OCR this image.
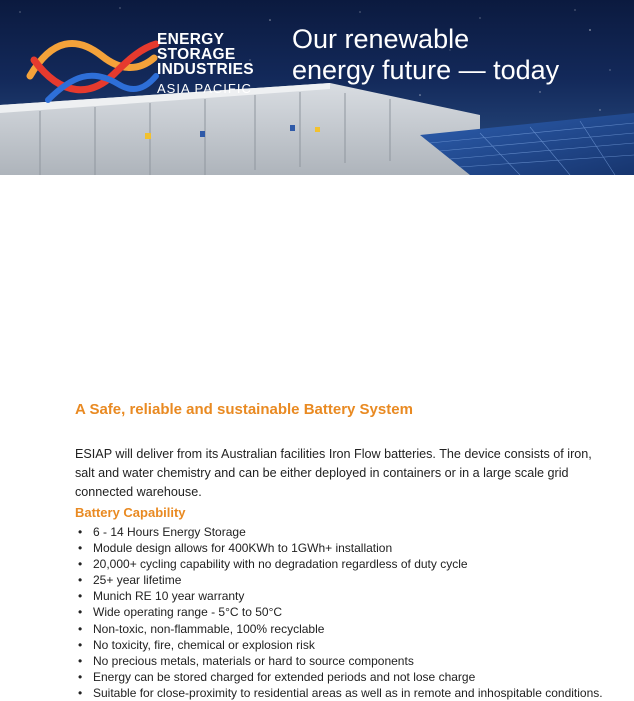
ENERGY
STORAGE
INDUSTRIES
ASIA PACIFIC
Our renewable
energy future — today
A Safe, reliable and sustainable Battery System

ESIAP will deliver from its Australian facilities Iron Flow batteries. The device consists of iron, salt and water chemistry and can be either deployed in containers or in a large scale grid connected warehouse.

Battery Capability
• 6 - 14 Hours Energy Storage
• Module design allows for 400KWh to 1GWh+ installation
• 20,000+ cycling capability with no degradation regardless of duty cycle
• 25+ year lifetime
• Munich RE 10 year warranty
• Wide operating range - 5°C to 50°C
• Non-toxic, non-flammable, 100% recyclable
• No toxicity, fire, chemical or explosion risk
• No precious metals, materials or hard to source components
• Energy can be stored charged for extended periods and not lose charge
• Suitable for close-proximity to residential areas as well as in remote and inhospitable conditions.
